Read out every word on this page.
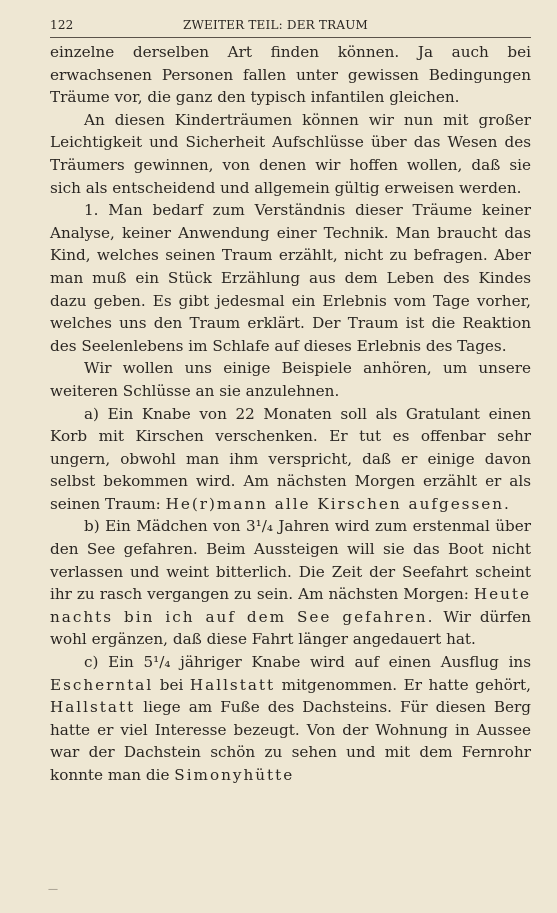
122	ZWEITER TEIL: DER TRAUM

einzelne derselben Art finden können. Ja auch bei erwachsenen Personen fallen unter gewissen Bedingungen Träume vor, die ganz den typisch infantilen gleichen.

An diesen Kinderträumen können wir nun mit großer Leichtigkeit und Sicherheit Aufschlüsse über das Wesen des Träumers gewinnen, von denen wir hoffen wollen, daß sie sich als entscheidend und allgemein gültig erweisen werden.

1. Man bedarf zum Verständnis dieser Träume keiner Analyse, keiner Anwendung einer Technik. Man braucht das Kind, welches seinen Traum erzählt, nicht zu befragen. Aber man muß ein Stück Erzählung aus dem Leben des Kindes dazu geben. Es gibt jedesmal ein Erlebnis vom Tage vorher, welches uns den Traum erklärt. Der Traum ist die Reaktion des Seelenlebens im Schlafe auf dieses Erlebnis des Tages.

Wir wollen uns einige Beispiele anhören, um unsere weiteren Schlüsse an sie anzulehnen.

a) Ein Knabe von 22 Monaten soll als Gratulant einen Korb mit Kirschen verschenken. Er tut es offenbar sehr ungern, obwohl man ihm verspricht, daß er einige davon selbst bekommen wird. Am nächsten Morgen erzählt er als seinen Traum: He(r)mann alle Kirschen aufgessen.

b) Ein Mädchen von 3¹/₄ Jahren wird zum erstenmal über den See gefahren. Beim Aussteigen will sie das Boot nicht verlassen und weint bitterlich. Die Zeit der Seefahrt scheint ihr zu rasch vergangen zu sein. Am nächsten Morgen: Heute nachts bin ich auf dem See gefahren. Wir dürfen wohl ergänzen, daß diese Fahrt länger angedauert hat.

c) Ein 5¹/₄ jähriger Knabe wird auf einen Ausflug ins Escherntal bei Hallstatt mitgenommen. Er hatte gehört, Hallstatt liege am Fuße des Dachsteins. Für diesen Berg hatte er viel Interesse bezeugt. Von der Wohnung in Aussee war der Dachstein schön zu sehen und mit dem Fernrohr konnte man die Simonyhütte

—
